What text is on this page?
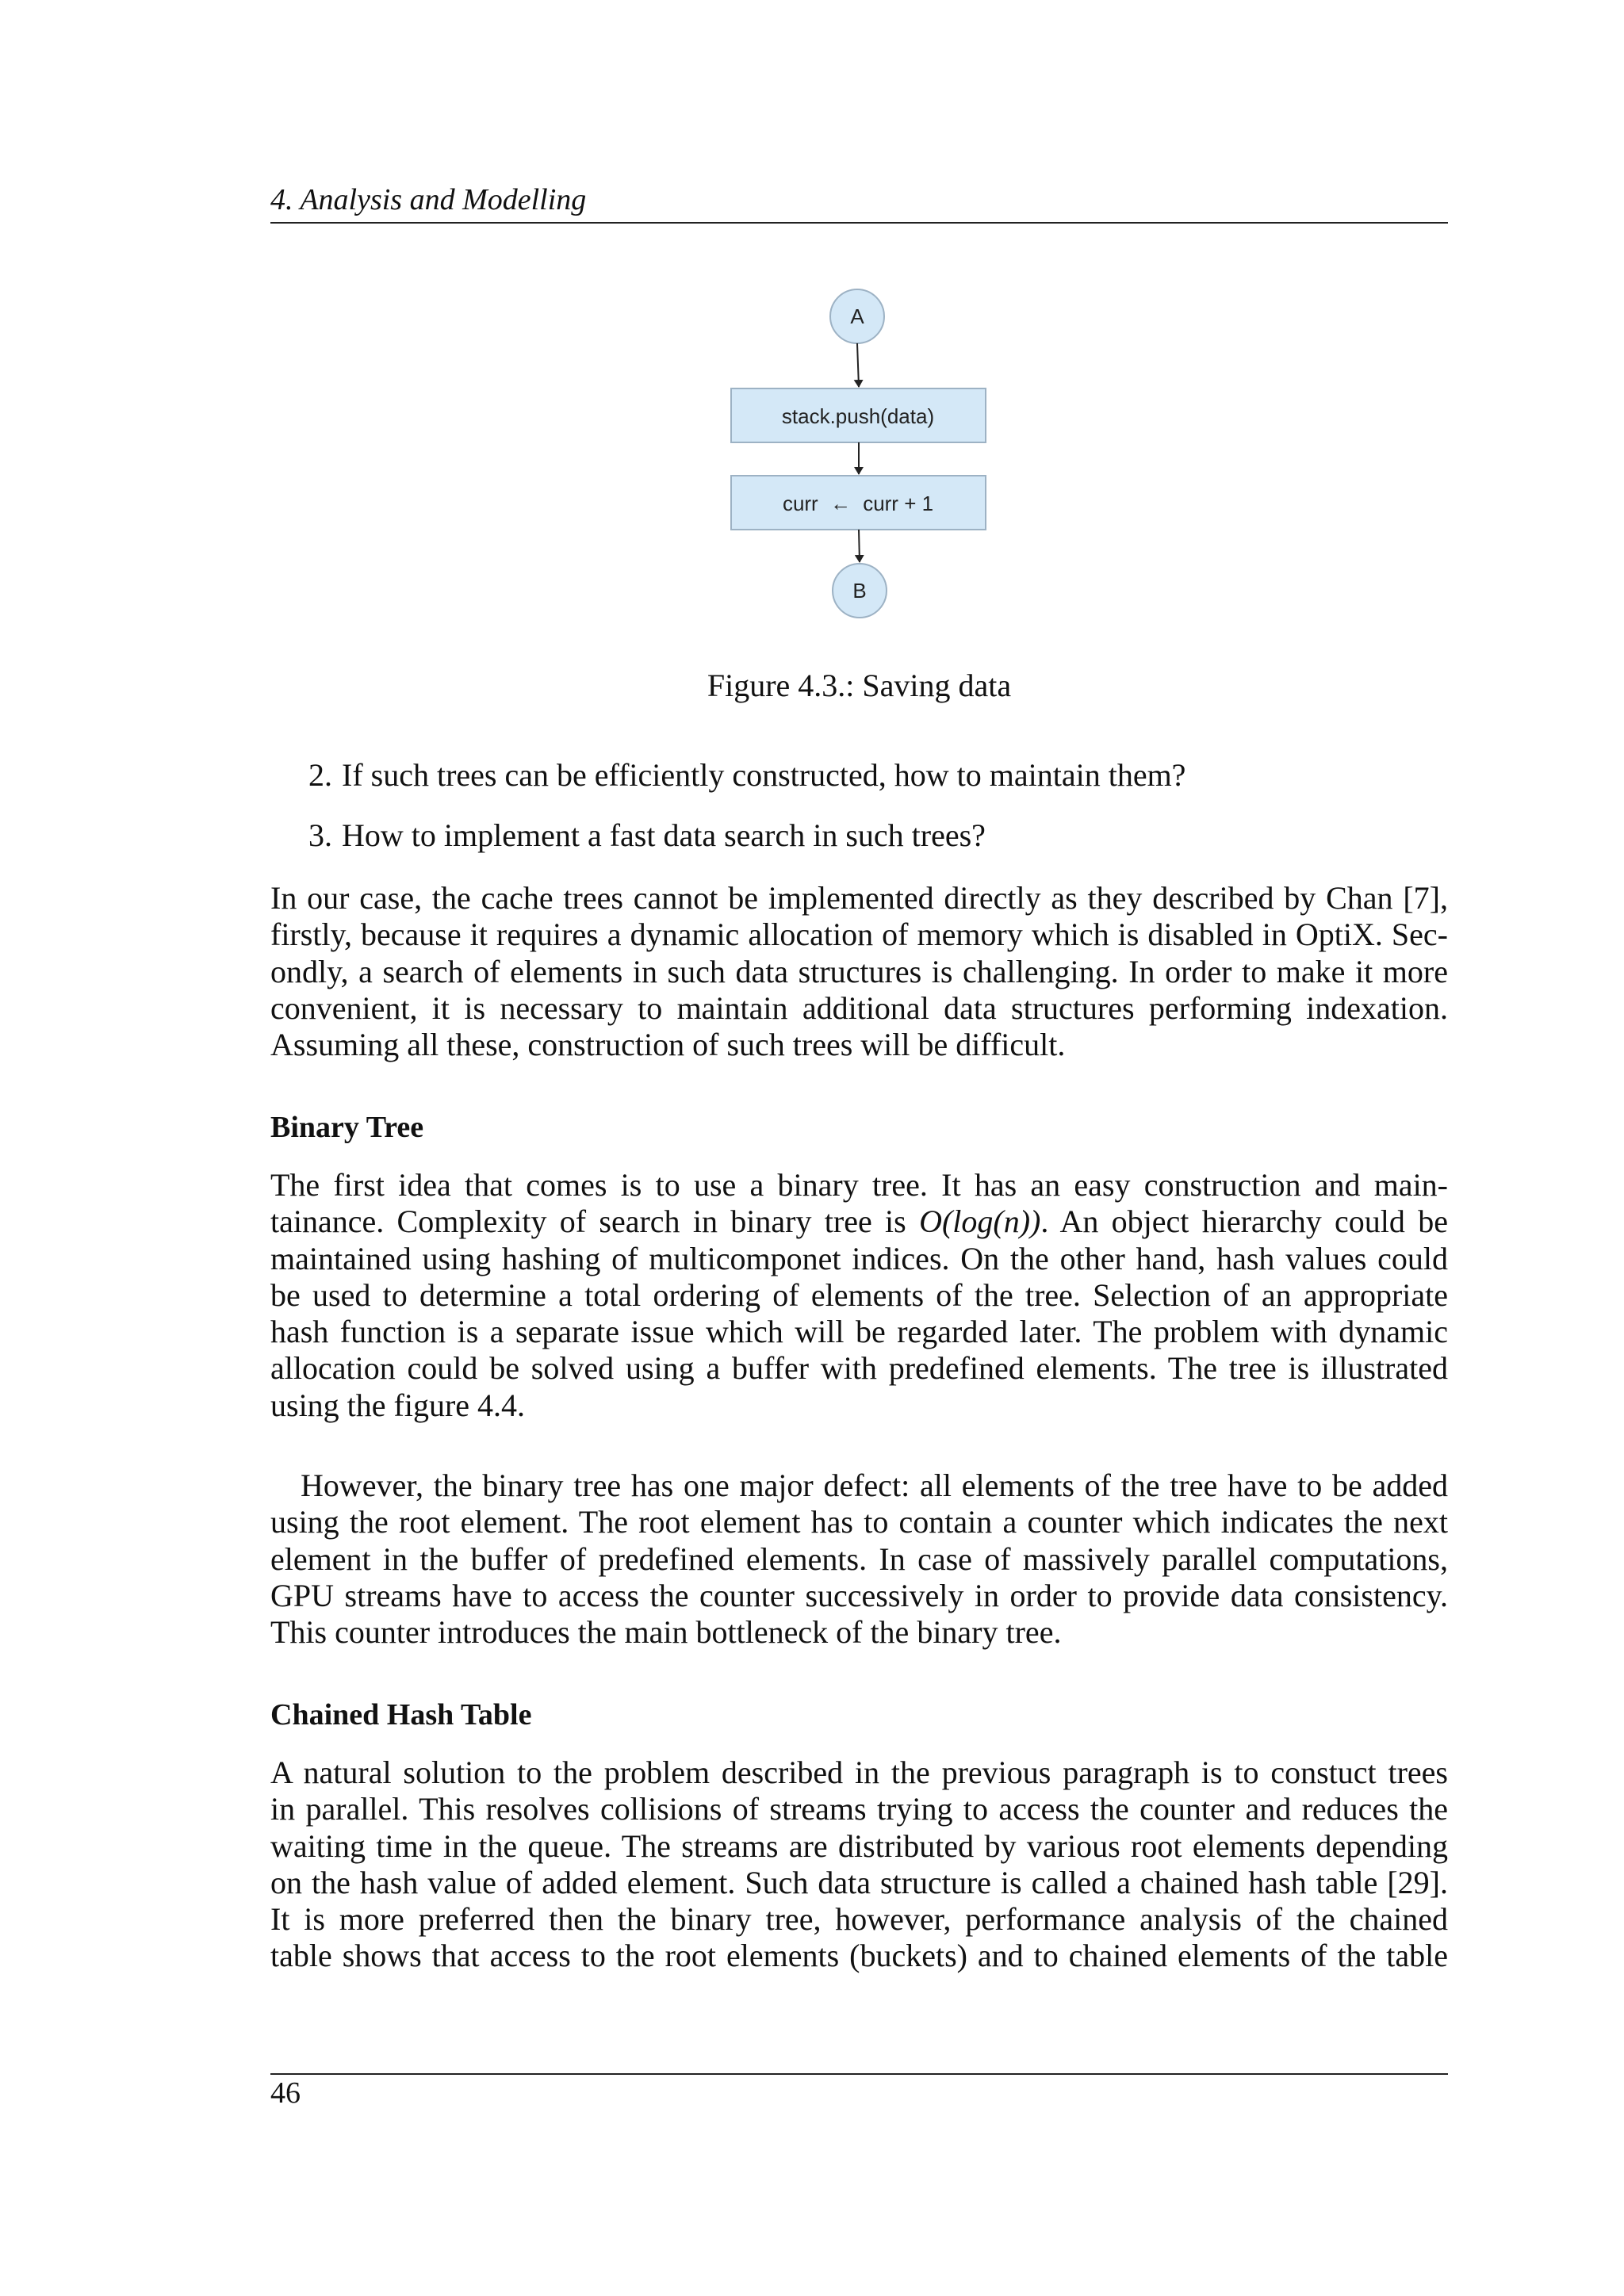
4. Analysis and Modelling
A
stack.push(data)
curr ← curr + 1
B
Figure 4.3.: Saving data
2. If such trees can be efficiently constructed, how to maintain them?
3. How to implement a fast data search in such trees?
In our case, the cache trees cannot be implemented directly as they described by Chan [7],
firstly, because it requires a dynamic allocation of memory which is disabled in OptiX. Sec-
ondly, a search of elements in such data structures is challenging. In order to make it more
convenient, it is necessary to maintain additional data structures performing indexation.
Assuming all these, construction of such trees will be difficult.
Binary Tree
The first idea that comes is to use a binary tree. It has an easy construction and main-
tainance. Complexity of search in binary tree is O(log(n)). An object hierarchy could be
maintained using hashing of multicomponet indices. On the other hand, hash values could
be used to determine a total ordering of elements of the tree. Selection of an appropriate
hash function is a separate issue which will be regarded later. The problem with dynamic
allocation could be solved using a buffer with predefined elements. The tree is illustrated
using the figure 4.4.
However, the binary tree has one major defect: all elements of the tree have to be added
using the root element. The root element has to contain a counter which indicates the next
element in the buffer of predefined elements. In case of massively parallel computations,
GPU streams have to access the counter successively in order to provide data consistency.
This counter introduces the main bottleneck of the binary tree.
Chained Hash Table
A natural solution to the problem described in the previous paragraph is to constuct trees
in parallel. This resolves collisions of streams trying to access the counter and reduces the
waiting time in the queue. The streams are distributed by various root elements depending
on the hash value of added element. Such data structure is called a chained hash table [29].
It is more preferred then the binary tree, however, performance analysis of the chained
table shows that access to the root elements (buckets) and to chained elements of the table
46
